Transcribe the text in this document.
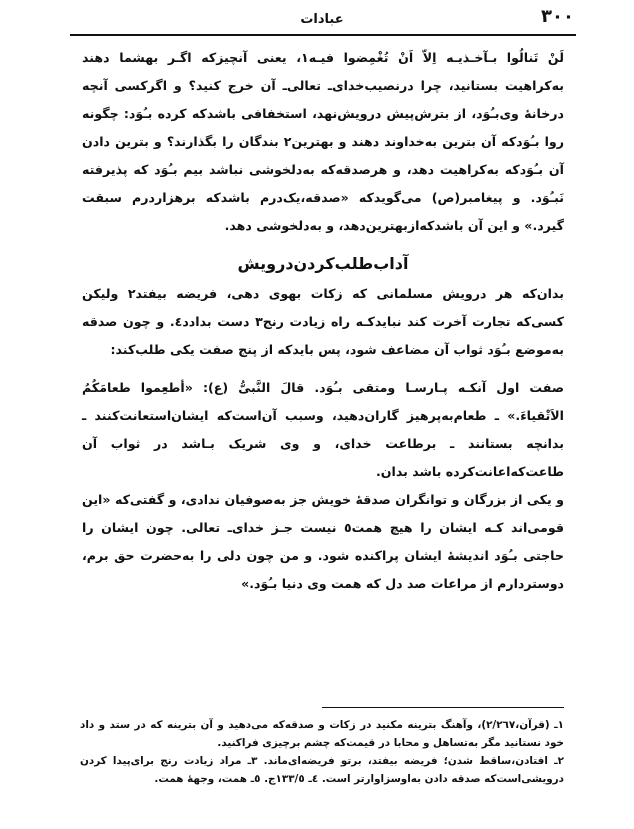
عبادات	۳۰۰

لَنْ تَنالُوا بـآخـذیـه اِلاّ اَنْ تُغْمِضوا فیـه١، یعنی آنچیزکه اگـر بهشما دهند به‌کراهیت بستانید، چرا درنصیب‌خدای‌ـ تعالی‌ـ آن خرج کنید؟ و اگرکسی آنچه درخانهٔ وی‌بـُوَد، از بترش‌پیش درویش‌نهد، استخفافی باشدکه کرده بـُوَد: چگونه روا بـُوَدکه آن بترین به‌خداوند دهند و بهترین٢ بندگان را بگذارند؟ و بترین دادن آن بـُوَدکه به‌کراهیت دهد، و هرصدقه‌که به‌دلخوشی نباشد بیم بـُوَد که پذیرفته نَبـُوَد. و پیغامبر(ص) می‌گویدکه «صدقه‌،یک‌درم باشدکه برهزاردرم سبقت گیرد.» و این آن باشدکه‌ازبهترین‌دهد، و به‌دلخوشی دهد.

آداب‌طلب‌کردن‌درویش

بدان‌که هر درویش مسلمانی که زکات بهوی دهی، فریضه بیفتد٢ ولیکن کسی‌که تجارت آخرت کند نبایدکـه راه زیادت رنج٣ دست بدادد٤. و چون صدقه به‌موضع بـُوَد ثواب آن مضاعف شود، پس بایدکه از پنج صفت یکی طلب‌کند:

صفت اول آنکـه پـارسـا ومتقی بـُوَد. قالَ النَّبیُّ (ع): «أطعِموا طعامَکُمُ الاَتْقیاءَ.» ـ طعام‌به‌پرهیز گاران‌دهید، وسبب آن‌است‌که ایشان‌استعانت‌کنند ـ بدانچه بستانند ـ برطاعت خدای، و وی شریک بـاشد در ثواب آن طاعت‌که‌اعانت‌کرده باشد بدان.

و یکی از بزرگان و توانگران صدقهٔ خویش جز به‌صوفیان ندادی، و گفتی‌که «این قومی‌اند کـه ایشان را هیچ همت٥ نیست جـز خدای‌ـ تعالی. چون ایشان را حاجتی بـُوَد اندیشهٔ ایشان پراکنده شود. و من چون دلی را به‌حضرت حق برم، دوستردارم از مراعات صد دل که همت وی دنیا بـُوَد.»

١ـ (قرآن،٢/٢٦٧)، وآهنگ بترینه مکنید در زکات و صدقه‌که می‌دهید و آن بترینه که در ستد و داد خود نستانید مگر به‌تساهل و محابا در قیمت‌که چشم برچیزی فراکنید.

٢ـ افتادن،ساقط شدن؛ فریضه بیفتد، برتو فریضه‌ای‌ماند. ٣ـ مراد زیادت رنج برای‌پیدا کردن درویشی‌است‌که صدقه دادن به‌اوسزاوارتر است. ٤ـ ١٣٣/٥ج. ٥ـ همت، وجههٔ همت.
